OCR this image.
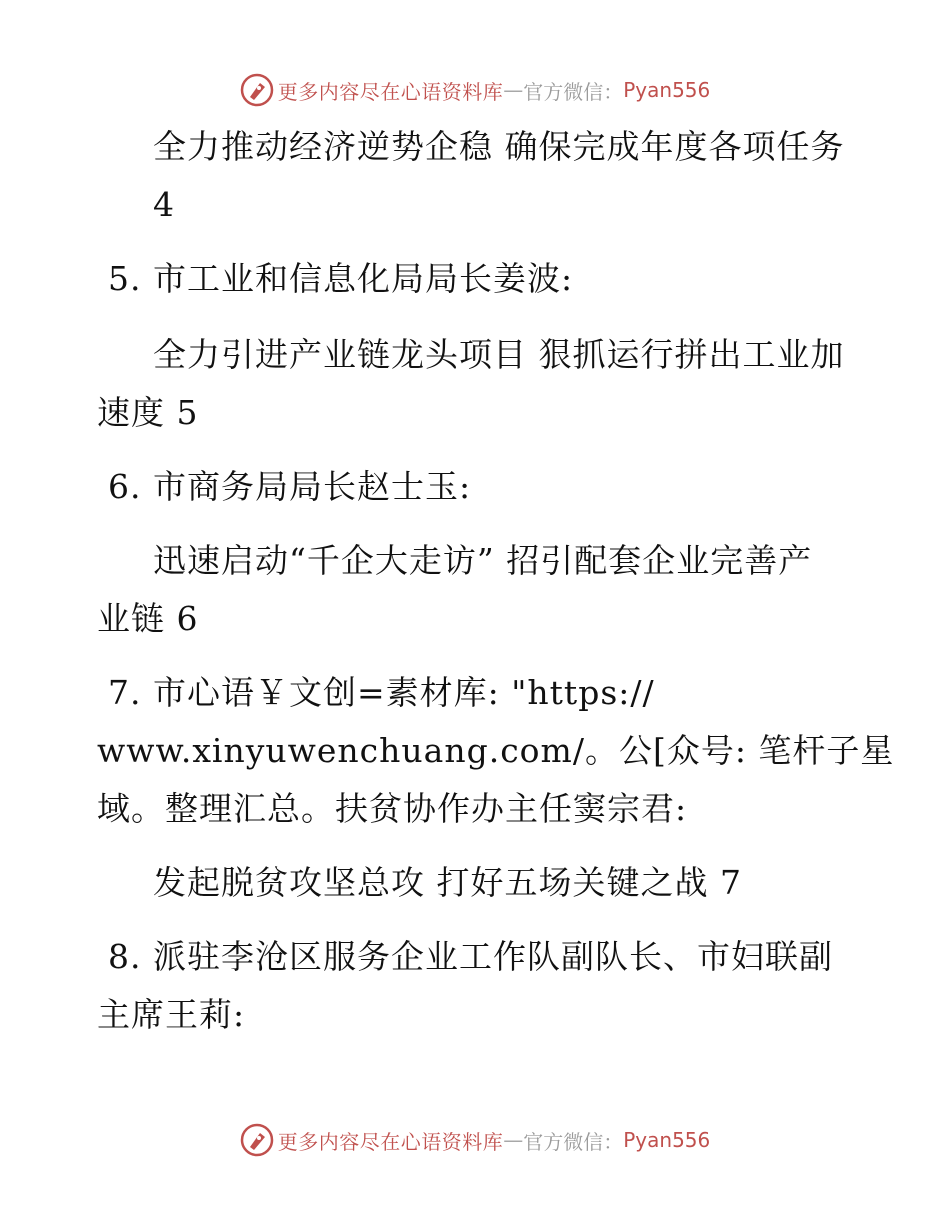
更多内容尽在心语资料库 — 官方微信： Pyan556
全力推动经济逆势企稳 确保完成年度各项任务
4
5. 市工业和信息化局局长姜波:
全力引进产业链龙头项目 狠抓运行拼出工业加
速度 5
6. 市商务局局长赵士玉:
迅速启动“千企大走访” 招引配套企业完善产
业链 6
7. 市心语￥文创=素材库: "https://
www.xinyuwenchuang.com/。公[众号: 笔杆子星
域。整理汇总。扶贫协作办主任窦宗君:
发起脱贫攻坚总攻 打好五场关键之战 7
8. 派驻李沧区服务企业工作队副队长、市妇联副
主席王莉:
更多内容尽在心语资料库 — 官方微信： Pyan556
